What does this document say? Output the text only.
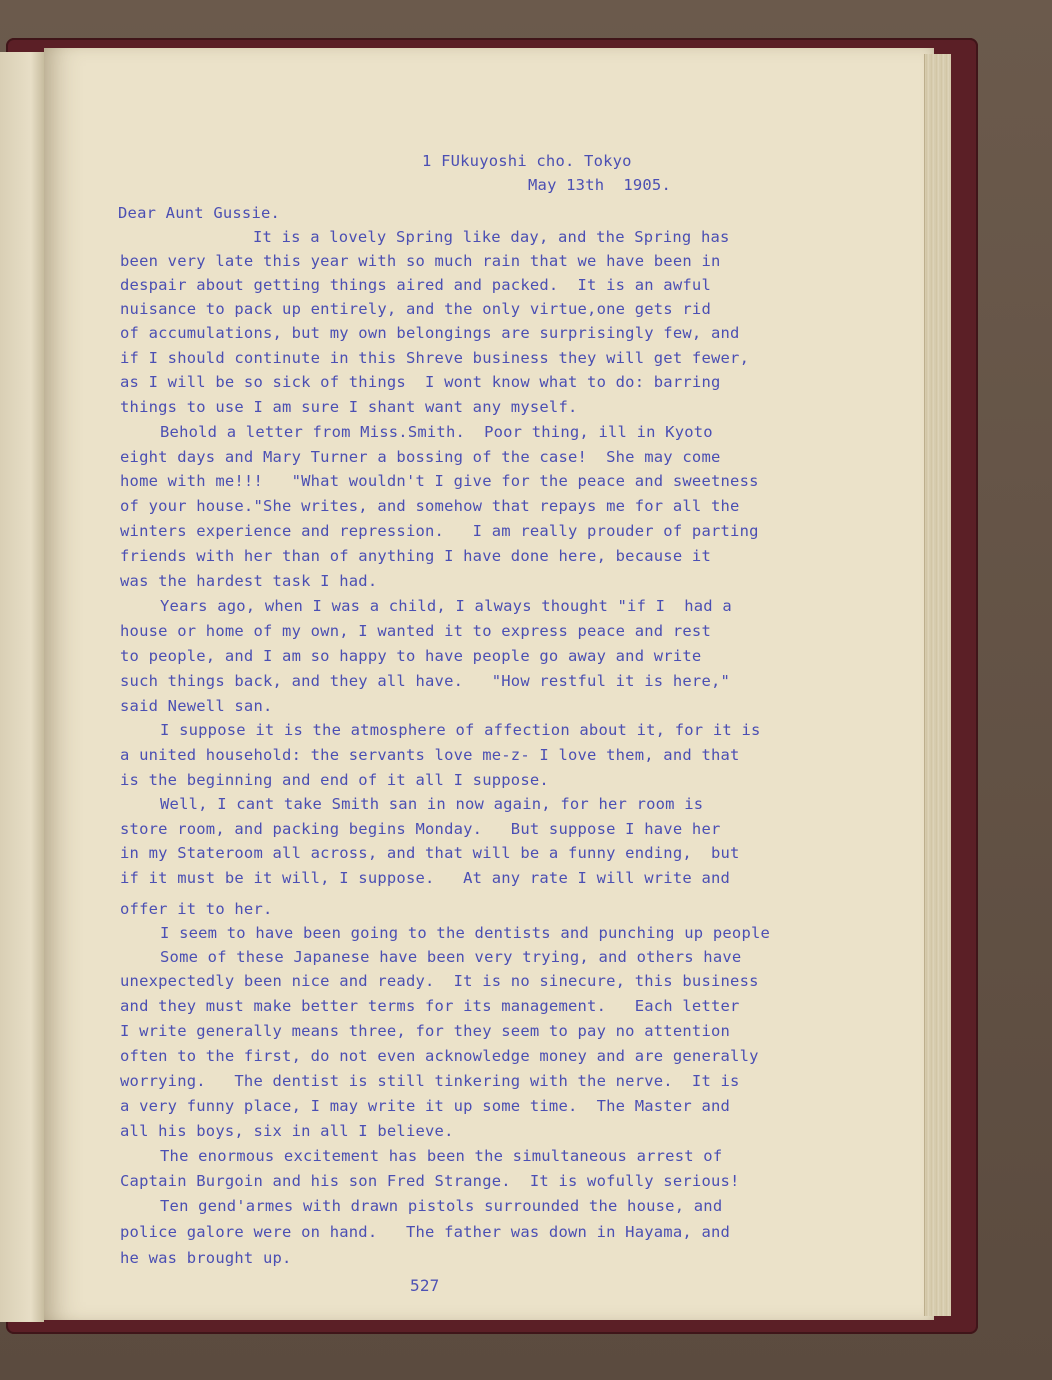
1 FUkuyoshi cho. Tokyo

May 13th  1905.

Dear Aunt Gussie.

It is a lovely Spring like day, and the Spring has

been very late this year with so much rain that we have been in

despair about getting things aired and packed.  It is an awful

nuisance to pack up entirely, and the only virtue,one gets rid

of accumulations, but my own belongings are surprisingly few, and

if I should continute in this Shreve business they will get fewer,

as I will be so sick of things  I wont know what to do: barring

things to use I am sure I shant want any myself.

Behold a letter from Miss.Smith.  Poor thing, ill in Kyoto

eight days and Mary Turner a bossing of the case!  She may come

home with me!!!   "What wouldn't I give for the peace and sweetness

of your house."She writes, and somehow that repays me for all the

winters experience and repression.   I am really prouder of parting

friends with her than of anything I have done here, because it

was the hardest task I had.

Years ago, when I was a child, I always thought "if I  had a

house or home of my own, I wanted it to express peace and rest

to people, and I am so happy to have people go away and write

such things back, and they all have.   "How restful it is here,"

said Newell san.

I suppose it is the atmosphere of affection about it, for it is

a united household: the servants love me-z- I love them, and that

is the beginning and end of it all I suppose.

Well, I cant take Smith san in now again, for her room is

store room, and packing begins Monday.   But suppose I have her

in my Stateroom all across, and that will be a funny ending,  but

if it must be it will, I suppose.   At any rate I will write and

offer it to her.

I seem to have been going to the dentists and punching up people

Some of these Japanese have been very trying, and others have

unexpectedly been nice and ready.  It is no sinecure, this business

and they must make better terms for its management.   Each letter

I write generally means three, for they seem to pay no attention

often to the first, do not even acknowledge money and are generally

worrying.   The dentist is still tinkering with the nerve.  It is

a very funny place, I may write it up some time.  The Master and

all his boys, six in all I believe.

The enormous excitement has been the simultaneous arrest of

Captain Burgoin and his son Fred Strange.  It is wofully serious!

Ten gend'armes with drawn pistols surrounded the house, and

police galore were on hand.   The father was down in Hayama, and

he was brought up.

527
